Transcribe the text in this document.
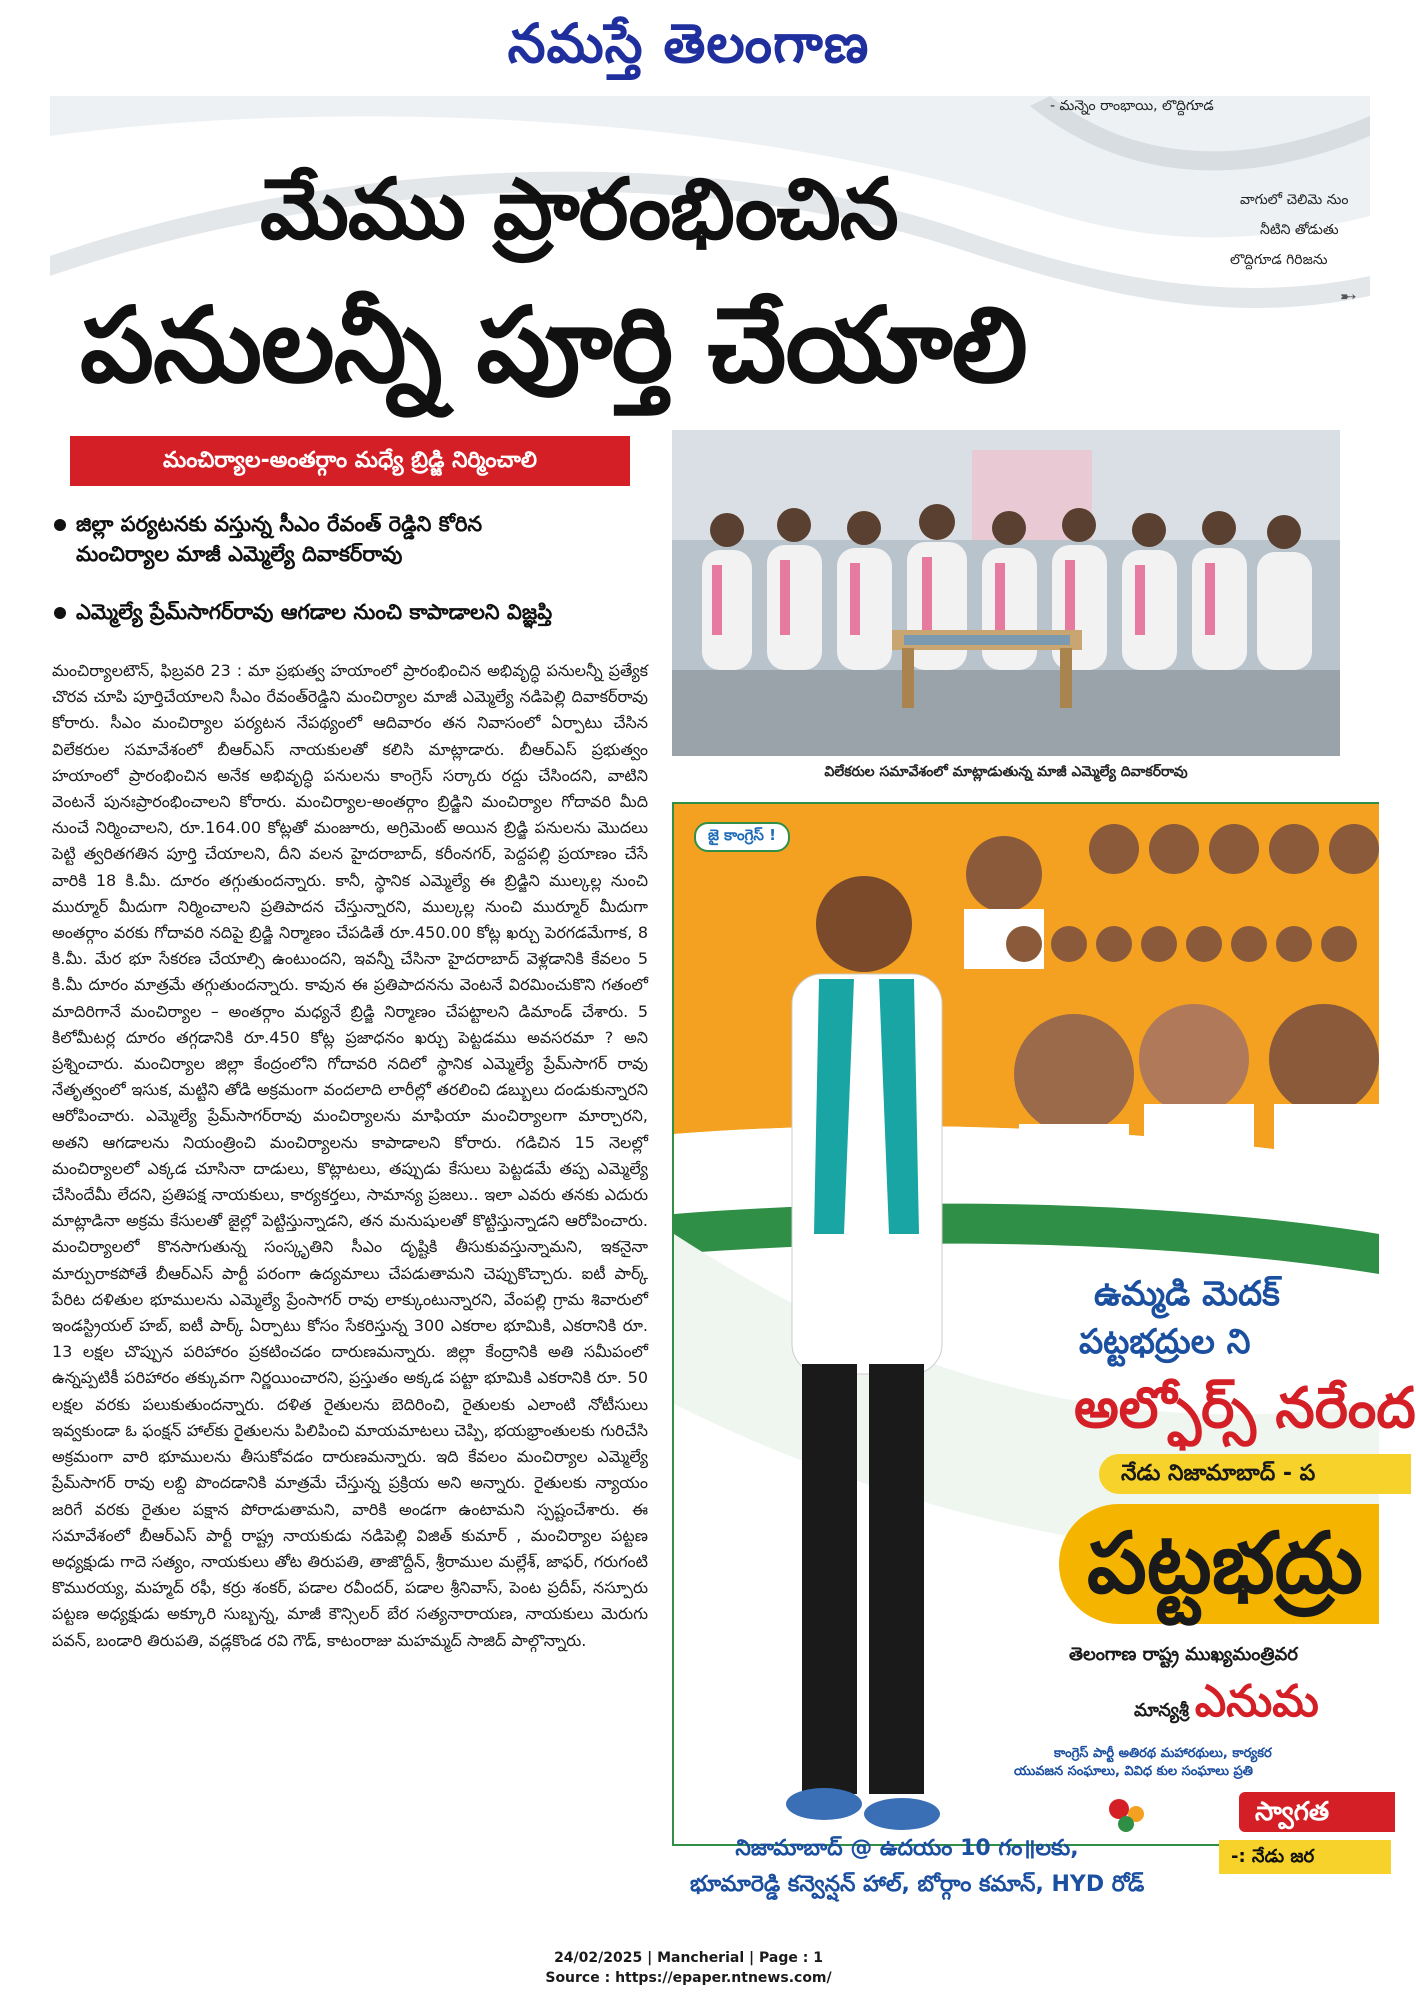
నమస్తే తెలంగాణ
- మన్నెం రాంభాయి, లొద్దిగూడ
వాగులో చెలిమె నుం
నీటిని తోడుతు
లొద్దిగూడ గిరిజను
➸
మేము ప్రారంభించిన
పనులన్నీ పూర్తి చేయాలి
మంచిర్యాల-అంతర్గాం మధ్యే బ్రిడ్జి నిర్మించాలి
జిల్లా పర్యటనకు వస్తున్న సీఎం రేవంత్ రెడ్డిని కోరిన
మంచిర్యాల మాజీ ఎమ్మెల్యే దివాకర్‌రావు
ఎమ్మెల్యే ప్రేమ్‌సాగర్‌రావు ఆగడాల నుంచి కాపాడాలని విజ్ఞప్తి
మంచిర్యాలటౌన్, ఫిబ్రవరి 23 : మా ప్రభుత్వ హయాంలో ప్రారంభించిన అభివృద్ధి పనులన్నీ ప్రత్యేక చొరవ చూపి పూర్తిచేయాలని సీఎం రేవంత్‌రెడ్డిని మంచిర్యాల మాజీ ఎమ్మెల్యే నడిపెల్లి దివాకర్‌రావు కోరారు. సీఎం మంచిర్యాల పర్యటన నేపథ్యంలో ఆదివారం తన నివాసంలో ఏర్పాటు చేసిన విలేకరుల సమావేశంలో బీఆర్‌ఎస్ నాయకులతో కలిసి మాట్లాడారు. బీఆర్‌ఎస్ ప్రభుత్వం హయాంలో ప్రారంభించిన అనేక అభివృద్ధి పనులను కాంగ్రెస్ సర్కారు రద్దు చేసిందని, వాటిని వెంటనే పునఃప్రారంభించాలని కోరారు. మంచిర్యాల-అంతర్గాం బ్రిడ్జిని మంచిర్యాల గోదావరి మీది నుంచే నిర్మించాలని, రూ.164.00 కోట్లతో మంజూరు, అగ్రిమెంట్ అయిన బ్రిడ్జి పనులను మొదలు పెట్టి త్వరితగతిన పూర్తి చేయాలని, దీని వలన హైదరాబాద్, కరీంనగర్, పెద్దపల్లి ప్రయాణం చేసే వారికి 18 కి.మీ. దూరం తగ్గుతుందన్నారు. కానీ, స్థానిక ఎమ్మెల్యే ఈ బ్రిడ్జిని ముల్కల్ల నుంచి ముర్మూర్ మీదుగా నిర్మించాలని ప్రతిపాదన చేస్తున్నారని, ముల్కల్ల నుంచి ముర్మూర్ మీదుగా అంతర్గాం వరకు గోదావరి నదిపై బ్రిడ్జి నిర్మాణం చేపడితే రూ.450.00 కోట్ల ఖర్చు పెరగడమేగాక, 8 కి.మీ. మేర భూ సేకరణ చేయాల్సి ఉంటుందని, ఇవన్నీ చేసినా హైదరాబాద్ వెళ్లడానికి కేవలం 5 కి.మీ దూరం మాత్రమే తగ్గుతుందన్నారు. కావున ఈ ప్రతిపాదనను వెంటనే విరమించుకొని గతంలో మాదిరిగానే మంచిర్యాల – అంతర్గాం మధ్యనే బ్రిడ్జి నిర్మాణం చేపట్టాలని డిమాండ్ చేశారు. 5 కిలోమీటర్ల దూరం తగ్గడానికి రూ.450 కోట్ల ప్రజాధనం ఖర్చు పెట్టడము అవసరమా ? అని ప్రశ్నించారు. మంచిర్యాల జిల్లా కేంద్రంలోని గోదావరి నదిలో స్థానిక ఎమ్మెల్యే ప్రేమ్‌సాగర్ రావు నేతృత్వంలో ఇసుక, మట్టిని తోడి అక్రమంగా వందలాది లారీల్లో తరలించి డబ్బులు దండుకున్నారని ఆరోపించారు. ఎమ్మెల్యే ప్రేమ్‌సాగర్‌రావు మంచిర్యాలను మాఫియా మంచిర్యాలగా మార్చారని, అతని ఆగడాలను నియంత్రించి మంచిర్యాలను కాపాడాలని కోరారు. గడిచిన 15 నెలల్లో మంచిర్యాలలో ఎక్కడ చూసినా దాడులు, కొట్లాటలు, తప్పుడు కేసులు పెట్టడమే తప్ప ఎమ్మెల్యే చేసిందేమీ లేదని, ప్రతిపక్ష నాయకులు, కార్యకర్తలు, సామాన్య ప్రజలు.. ఇలా ఎవరు తనకు ఎదురు మాట్లాడినా అక్రమ కేసులతో జైల్లో పెట్టిస్తున్నాడని, తన మనుషులతో కొట్టిస్తున్నాడని ఆరోపించారు. మంచిర్యాలలో కొనసాగుతున్న సంస్కృతిని సీఎం దృష్టికి తీసుకువస్తున్నామని, ఇకనైనా మార్పురాకపోతే బీఆర్‌ఎస్ పార్టీ పరంగా ఉద్యమాలు చేపడుతామని చెప్పుకొచ్చారు. ఐటీ పార్క్ పేరిట దళితుల భూములను ఎమ్మెల్యే ప్రేంసాగర్ రావు లాక్కుంటున్నారని, వేంపల్లి గ్రామ శివారులో ఇండస్ట్రియల్ హబ్, ఐటీ పార్క్ ఏర్పాటు కోసం సేకరిస్తున్న 300 ఎకరాల భూమికి, ఎకరానికి రూ. 13 లక్షల చొప్పున పరిహారం ప్రకటించడం దారుణమన్నారు. జిల్లా కేంద్రానికి అతి సమీపంలో ఉన్నప్పటికీ పరిహారం తక్కువగా నిర్ణయించారని, ప్రస్తుతం అక్కడ పట్టా భూమికి ఎకరానికి రూ. 50 లక్షల వరకు పలుకుతుందన్నారు. దళిత రైతులను బెదిరించి, రైతులకు ఎలాంటి నోటీసులు ఇవ్వకుండా ఓ ఫంక్షన్ హాల్‌కు రైతులను పిలిపించి మాయమాటలు చెప్పి, భయభ్రాంతులకు గురిచేసి అక్రమంగా వారి భూములను తీసుకోవడం దారుణమన్నారు. ఇది కేవలం మంచిర్యాల ఎమ్మెల్యే ప్రేమ్‌సాగర్ రావు లబ్ది పొందడానికి మాత్రమే చేస్తున్న ప్రక్రియ అని అన్నారు. రైతులకు న్యాయం జరిగే వరకు రైతుల పక్షాన పోరాడుతామని, వారికి అండగా ఉంటామని స్పష్టంచేశారు. ఈ సమావేశంలో బీఆర్‌ఎస్ పార్టీ రాష్ట్ర నాయకుడు నడిపెల్లి విజిత్ కుమార్ , మంచిర్యాల పట్టణ అధ్యక్షుడు గాదె సత్యం, నాయకులు తోట తిరుపతి, తాజొద్దీన్, శ్రీరాముల మల్లేశ్, జాఫర్, గరుగంటి కొమురయ్య, మహ్మద్ రఫీ, కర్రు శంకర్, పడాల రవీందర్, పడాల శ్రీనివాస్, పెంట ప్రదీప్, నస్పూరు పట్టణ అధ్యక్షుడు అక్కూరి సుబ్బన్న, మాజీ కౌన్సిలర్ బేర సత్యనారాయణ, నాయకులు మెరుగు పవన్, బండారి తిరుపతి, వడ్లకొండ రవి గౌడ్, కాటంరాజు మహమ్మద్ సాజిద్ పాల్గొన్నారు.
విలేకరుల సమావేశంలో మాట్లాడుతున్న మాజీ ఎమ్మెల్యే దివాకర్‌రావు
జై కాంగ్రెస్ !
ఉమ్మడి మెదక్
పట్టభద్రుల ని
అల్ఫోర్స్ నరేంద
నేడు నిజామాబాద్ - ప
పట్టభద్రు
తెలంగాణ రాష్ట్ర ముఖ్యమంత్రివర
మాన్యశ్రీ ఎనుమ
కాంగ్రెస్ పార్టీ అతిరథ మహారథులు, కార్యకర
యువజన సంఘాలు, వివిధ కుల సంఘాలు ప్రతి
స్వాగత
-: నేడు జర
నిజామాబాద్ @ ఉదయం 10 గం॥లకు,
భూమారెడ్డి కన్వెన్షన్ హాల్, బోర్గాం కమాన్, HYD రోడ్
24/02/2025 | Mancherial | Page : 1
Source : https://epaper.ntnews.com/
